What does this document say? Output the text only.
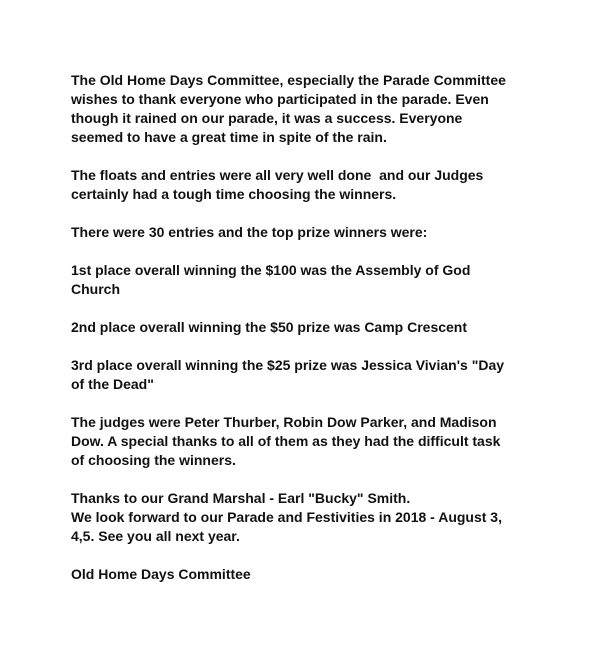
The Old Home Days Committee, especially the Parade Committee
wishes to thank everyone who participated in the parade. Even
though it rained on our parade, it was a success. Everyone
seemed to have a great time in spite of the rain.

The floats and entries were all very well done  and our Judges
certainly had a tough time choosing the winners.

There were 30 entries and the top prize winners were:

1st place overall winning the $100 was the Assembly of God
Church

2nd place overall winning the $50 prize was Camp Crescent

3rd place overall winning the $25 prize was Jessica Vivian's "Day
of the Dead"

The judges were Peter Thurber, Robin Dow Parker, and Madison
Dow. A special thanks to all of them as they had the difficult task
of choosing the winners.

Thanks to our Grand Marshal - Earl "Bucky" Smith.
We look forward to our Parade and Festivities in 2018 - August 3,
4,5. See you all next year.

Old Home Days Committee
